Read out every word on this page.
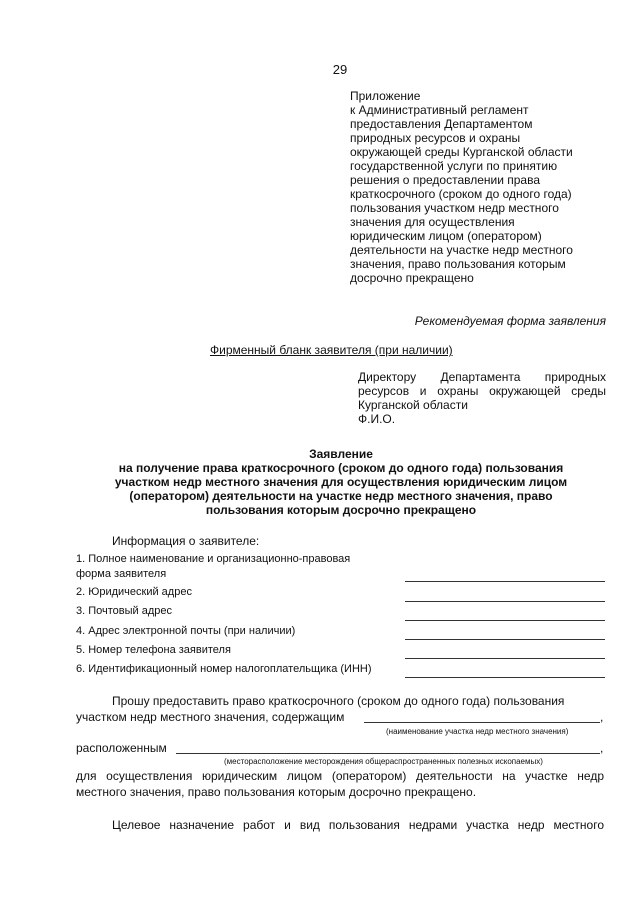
29
Приложение
к Административный регламент
предоставления Департаментом
природных ресурсов и охраны
окружающей среды Курганской области
государственной услуги по принятию
решения о предоставлении права
краткосрочного (сроком до одного года)
пользования участком недр местного
значения для осуществления
юридическим лицом (оператором)
деятельности на участке недр местного
значения, право пользования которым
досрочно прекращено
Рекомендуемая форма заявления
Фирменный бланк заявителя (при наличии)
Директору Департамента природных
ресурсов и охраны окружающей среды
Курганской области
Ф.И.О.
Заявление
на получение права краткосрочного (сроком до одного года) пользования
участком недр местного значения для осуществления юридическим лицом
(оператором) деятельности на участке недр местного значения, право
пользования которым досрочно прекращено
Информация о заявителе:
1. Полное наименование и организационно-правовая
форма заявителя
2. Юридический адрес
3. Почтовый адрес
4. Адрес электронной почты (при наличии)
5. Номер телефона заявителя
6. Идентификационный номер налогоплательщика (ИНН)
Прошу предоставить право краткосрочного (сроком до одного года) пользования
участком недр местного значения, содержащим	,
(наименование участка недр местного значения)
расположенным	,
(месторасположение месторождения общераспространенных полезных ископаемых)
для осуществления юридическим лицом (оператором) деятельности на участке недр
местного значения, право пользования которым досрочно прекращено.
Целевое назначение работ и вид пользования недрами участка недр местного
